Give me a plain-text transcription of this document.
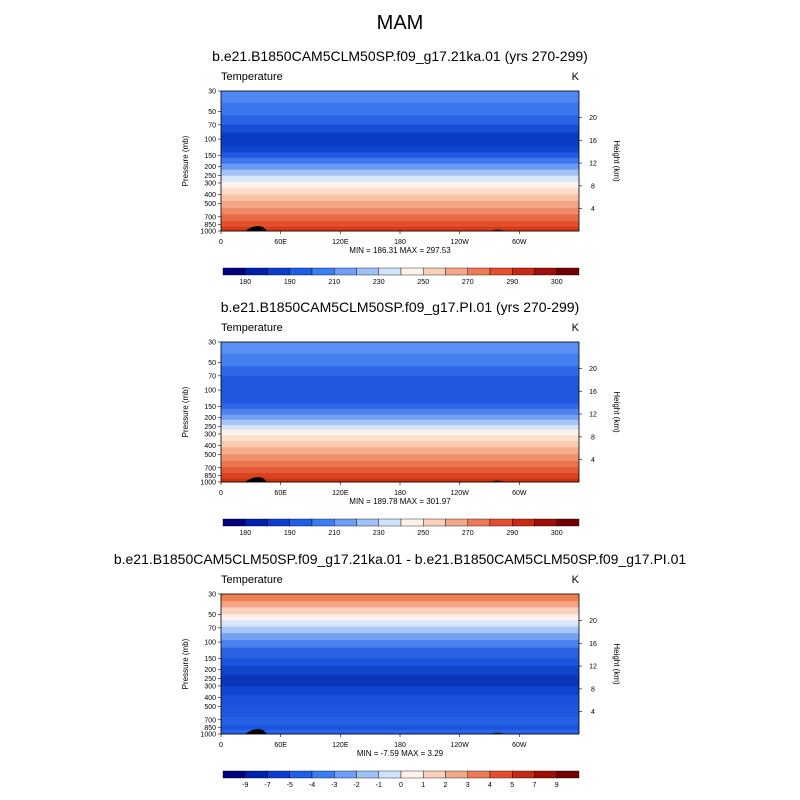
MAM
b.e21.B1850CAM5CLM50SP.f09_g17.21ka.01 (yrs 270-299)
Temperature	K
30
50
70
100
150
200
250
300
400
500
700
850
1000
20
16
12
8
4
0	60E	120E	180	120W	60W
Pressure (mb)	Height (km)
MIN = 186.31 MAX = 297.53
180	190	210	230	250	270	290	300
b.e21.B1850CAM5CLM50SP.f09_g17.PI.01 (yrs 270-299)
Temperature	K
30
50
70
100
150
200
250
300
400
500
700
850
1000
20
16
12
8
4
0	60E	120E	180	120W	60W
Pressure (mb)	Height (km)
MIN = 189.78 MAX = 301.97
180	190	210	230	250	270	290	300
b.e21.B1850CAM5CLM50SP.f09_g17.21ka.01 - b.e21.B1850CAM5CLM50SP.f09_g17.PI.01
Temperature	K
30
50
70
100
150
200
250
300
400
500
700
850
1000
20
16
12
8
4
0	60E	120E	180	120W	60W
Pressure (mb)	Height (km)
MIN = -7.59 MAX = 3.29
-9 -7 -5 -4 -3 -2 -1 0	1	2	3	4	5	7	9
